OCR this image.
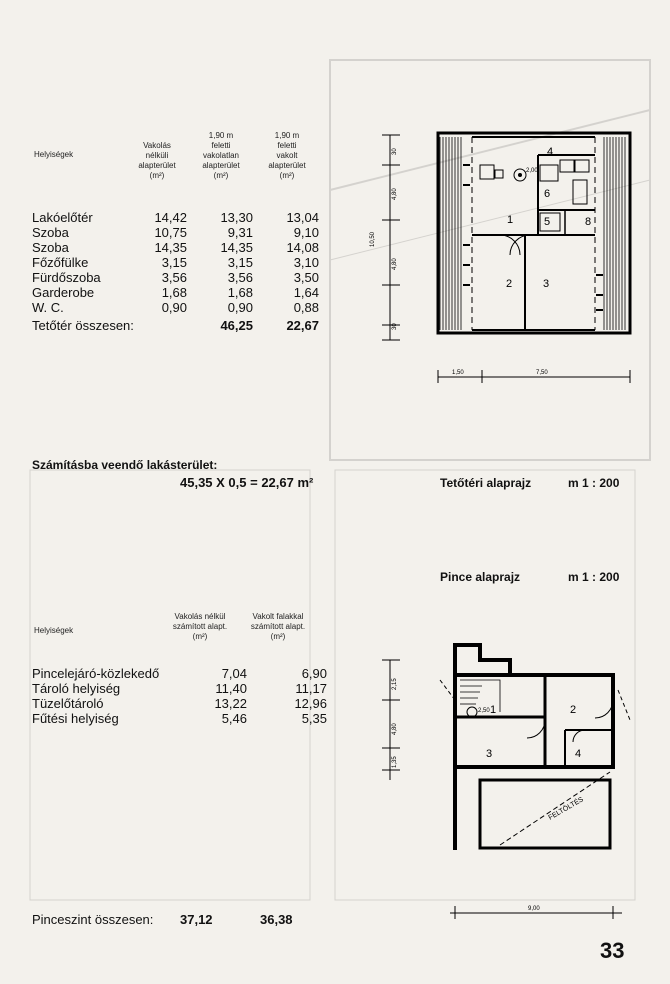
Helyiségek
Vakolás
nélküli
alapterület
(m²)
1,90 m
feletti
vakolatlan
alapterület
(m²)
1,90 m
feletti
vakolt
alapterület
(m²)
Lakóelőtér	14,42	13,30	13,04
Szoba	10,75	9,31	9,10
Szoba	14,35	14,35	14,08
Főzőfülke	3,15	3,15	3,10
Fürdőszoba	3,56	3,56	3,50
Garderobe	1,68	1,68	1,64
W. C.	0,90	0,90	0,88
Tetőtér összesen:		46,25	22,67
Számításba veendő lakásterület:
45,35 X 0,5 = 22,67 m²	Tetőtéri alaprajz	m 1 : 200
30
4,80
4,80
30
10,50
2,00
1
2	3
4
5
6
8
1,50	7,50
Pince alaprajz	m 1 : 200
Helyiségek
Vakolás nélkül
számított alapt.
(m²)
Vakolt falakkal
számított alapt.
(m²)
Pincelejáró-közlekedő	7,04	6,90
Tároló helyiség	11,40	11,17
Tüzelőtároló	13,22	12,96
Fűtési helyiség	5,46	5,35
Pinceszint összesen: 37,12	36,38
2,15
4,80
1,35
2,50 1	2
3	4
FELTÖLTÉS
9,00
33
